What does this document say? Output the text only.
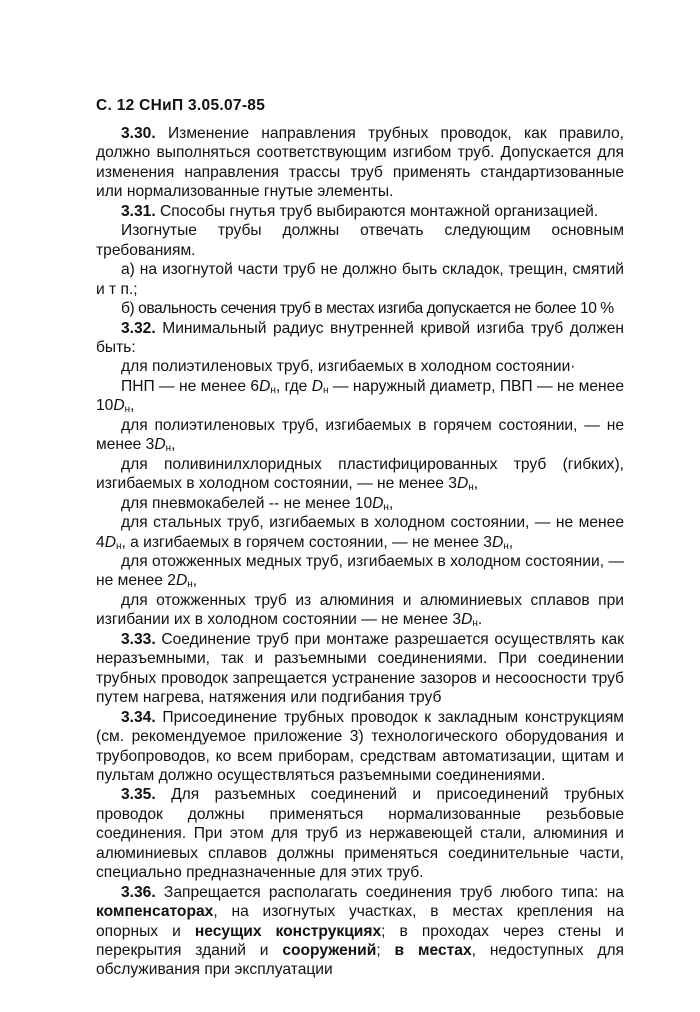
С. 12 СНиП 3.05.07-85

3.30. Изменение направления трубных проводок, как правило, должно выполняться соответствующим изгибом труб. Допускается для изменения направления трассы труб применять стандартизованные или нормализованные гнутые элементы.

3.31. Способы гнутья труб выбираются монтажной организацией.

Изогнутые трубы должны отвечать следующим основным требованиям.

а) на изогнутой части труб не должно быть складок, трещин, смятий и т п.;

б) овальность сечения труб в местах изгиба допускается не более 10 %

3.32. Минимальный радиус внутренней кривой изгиба труб должен быть:

для полиэтиленовых труб, изгибаемых в холодном состоянии·

ПНП — не менее $6D_н$, где $D_н$ — наружный диаметр, ПВП — не менее $10D_н$,

для полиэтиленовых труб, изгибаемых в горячем состоянии, — не менее $3D_н$,

для поливинилхлоридных пластифицированных труб (гибких), изгибаемых в холодном состоянии, — не менее $3D_н$,

для пневмокабелей -- не менее $10D_н$,

для стальных труб, изгибаемых в холодном состоянии, — не менее $4D_н$, а изгибаемых в горячем состоянии, — не менее $3D_н$,

для отожженных медных труб, изгибаемых в холодном состоянии, — не менее $2D_н$,

для отожженных труб из алюминия и алюминиевых сплавов при изгибании их в холодном состоянии — не менее $3D_н$.

3.33. Соединение труб при монтаже разрешается осуществлять как неразъемными, так и разъемными соединениями. При соединении трубных проводок запрещается устранение зазоров и несоосности труб путем нагрева, натяжения или подгибания труб

3.34. Присоединение трубных проводок к закладным конструкциям (см. рекомендуемое приложение 3) технологического оборудования и трубопроводов, ко всем приборам, средствам автоматизации, щитам и пультам должно осуществляться разъемными соединениями.

3.35. Для разъемных соединений и присоединений трубных проводок должны применяться нормализованные резьбовые соединения. При этом для труб из нержавеющей стали, алюминия и алюминиевых сплавов должны применяться соединительные части, специально предназначенные для этих труб.

3.36. Запрещается располагать соединения труб любого типа: на компенсаторах, на изогнутых участках, в местах крепления на опорных и несущих конструкциях; в проходах через стены и перекрытия зданий и сооружений; в местах, недоступных для обслуживания при эксплуатации
